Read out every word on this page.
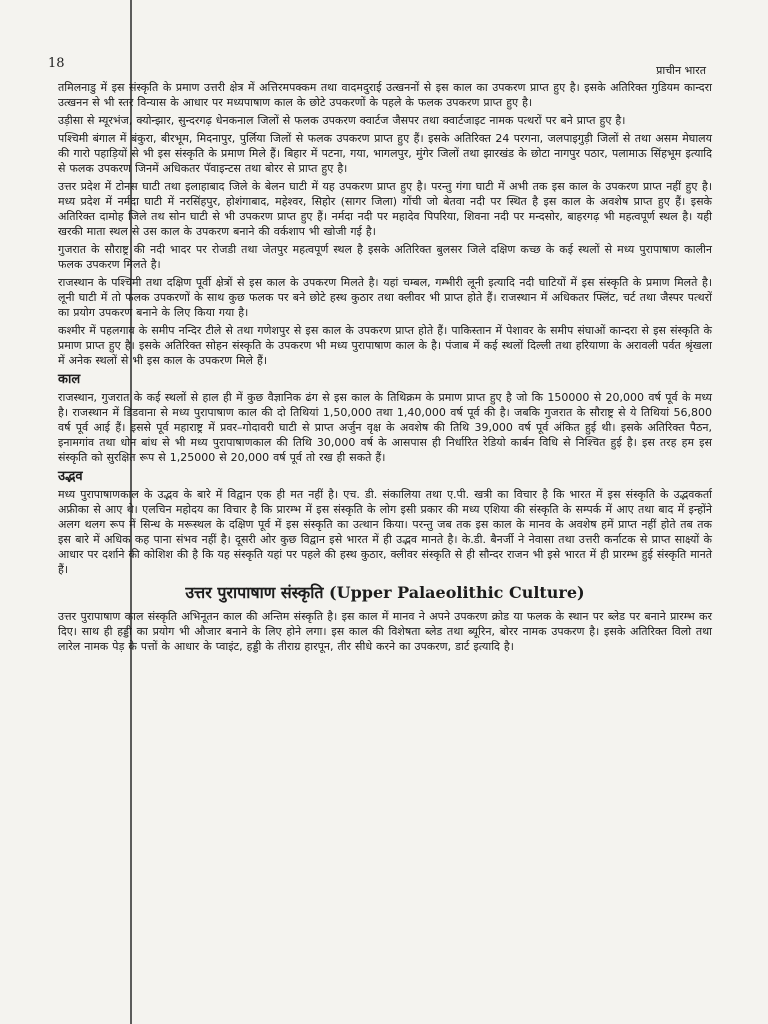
18	प्राचीन भारत

तमिलनाडु में इस संस्कृति के प्रमाण उत्तरी क्षेत्र में अत्तिरमपक्कम तथा वादमदुराई उत्खननों से इस काल का उपकरण प्राप्त हुए है। इसके अतिरिक्त गुडियम कान्दरा उत्खनन से भी स्तर विन्यास के आधार पर मध्यपाषाण काल के छोटे उपकरणों के पहले के फलक उपकरण प्राप्त हुए है।

उड़ीसा से म्यूरभंज, क्योन्झार, सुन्दरगढ़ धेनकनाल जिलों से फलक उपकरण क्वार्टज जैसपर तथा क्वार्टजाइट नामक पत्थरों पर बने प्राप्त हुए है।

पश्चिमी बंगाल में बंकुरा, बीरभूम, मिदनापुर, पुर्लिया जिलों से फलक उपकरण प्राप्त हुए हैं। इसके अतिरिक्त 24 परगना, जलपाइगुड़ी जिलों से तथा असम मेघालय की गारो पहाड़ियों से भी इस संस्कृति के प्रमाण मिले हैं। बिहार में पटना, गया, भागलपुर, मुंगेर जिलों तथा झारखंड के छोटा नागपुर पठार, पलामाऊ सिंहभूम इत्यादि से फलक उपकरण जिनमें अधिकतर पॅवाइन्टस तथा बोरर से प्राप्त हुए है।

उत्तर प्रदेश में टोनस घाटी तथा इलाहाबाद जिले के बेलन घाटी में यह उपकरण प्राप्त हुए है। परन्तु गंगा घाटी में अभी तक इस काल के उपकरण प्राप्त नहीं हुए है। मध्य प्रदेश में नर्मदा घाटी में नरसिंहपुर, होशंगाबाद, महेश्वर, सिहोर (सागर जिला) गोंची जो बेतवा नदी पर स्थित है इस काल के अवशेष प्राप्त हुए हैं। इसके अतिरिक्त दामोह जिले तथ सोन घाटी से भी उपकरण प्राप्त हुए हैं। नर्मदा नदी पर महादेव पिपरिया, शिवना नदी पर मन्दसोर, बाहरगढ़ भी महत्वपूर्ण स्थल है। यही खरकी माता स्थल से उस काल के उपकरण बनाने की वर्कशाप भी खोजी गई है।

गुजरात के सौराष्ट्र की नदी भादर पर रोजडी तथा जेतपुर महत्वपूर्ण स्थल है इसके अतिरिक्त बुलसर जिले दक्षिण कच्छ के कई स्थलों से मध्य पुरापाषाण कालीन फलक उपकरण मिलते है।

राजस्थान के पश्चिमी तथा दक्षिण पूर्वी क्षेत्रों से इस काल के उपकरण मिलते है। यहां चम्बल, गम्भीरी लूनी इत्यादि नदी घाटियों में इस संस्कृति के प्रमाण मिलते है। लूनी घाटी में तो फलक उपकरणों के साथ कुछ फलक पर बने छोटे हस्थ कुठार तथा क्लीवर भी प्राप्त होते हैं। राजस्थान में अधिकतर फ्लिंट, चर्ट तथा जैस्पर पत्थरों का प्रयोग उपकरण बनाने के लिए किया गया है।

कश्मीर में पहलगाव के समीप नन्दिर टीले से तथा गणेशपुर से इस काल के उपकरण प्राप्त होते हैं। पाकिस्तान में पेशावर के समीप संघाओं कान्दरा से इस संस्कृति के प्रमाण प्राप्त हुए है। इसके अतिरिक्त सोहन संस्कृति के उपकरण भी मध्य पुरापाषाण काल के है। पंजाब में कई स्थलों दिल्ली तथा हरियाणा के अरावली पर्वत श्रृंखला में अनेक स्थलों से भी इस काल के उपकरण मिले हैं।

काल

राजस्थान, गुजरात के कई स्थलों से हाल ही में कुछ वैज्ञानिक ढंग से इस काल के तिथिक्रम के प्रमाण प्राप्त हुए है जो कि 150000 से 20,000 वर्ष पूर्व के मध्य है। राजस्थान में डिडवाना से मध्य पुरापाषाण काल की दो तिथियां 1,50,000 तथा 1,40,000 वर्ष पूर्व की है। जबकि गुजरात के सौराष्ट्र से ये तिथियां 56,800 वर्ष पूर्व आई हैं। इससे पूर्व महाराष्ट्र में प्रवर–गोदावरी घाटी से प्राप्त अर्जुन वृक्ष के अवशेष की तिथि 39,000 वर्ष पूर्व अंकित हुई थी। इसके अतिरिक्त पैठन, इनामगांव तथा धोन बांध से भी मध्य पुरापाषाणकाल की तिथि 30,000 वर्ष के आसपास ही निर्धारित रेडियो कार्बन विधि से निश्चित हुई है। इस तरह हम इस संस्कृति को सुरक्षित रूप से 1,25000 से 20,000 वर्ष पूर्व तो रख ही सकते हैं।

उद्भव

मध्य पुरापाषाणकाल के उद्भव के बारे में विद्वान एक ही मत नहीं है। एच. डी. संकालिया तथा ए.पी. खत्री का विचार है कि भारत में इस संस्कृति के उद्भवकर्ता अफ्रीका से आए थे। एलचिन महोदय का विचार है कि प्रारम्भ में इस संस्कृति के लोग इसी प्रकार की मध्य एशिया की संस्कृति के सम्पर्क में आए तथा बाद में इन्होंने अलग थलग रूप में सिन्ध के मरूस्थल के दक्षिण पूर्व में इस संस्कृति का उत्थान किया। परन्तु जब तक इस काल के मानव के अवशेष हमें प्राप्त नहीं होते तब तक इस बारे में अधिक कह पाना संभव नहीं है। दूसरी ओर कुछ विद्वान इसे भारत में ही उद्भव मानते है। के.डी. बैनर्जी ने नेवासा तथा उत्तरी कर्नाटक से प्राप्त साक्ष्यों के आधार पर दर्शाने की कोशिश की है कि यह संस्कृति यहां पर पहले की हस्थ कुठार, क्लीवर संस्कृति से ही सौन्दर राजन भी इसे भारत में ही प्रारम्भ हुई संस्कृति मानते हैं।

उत्तर पुरापाषाण संस्कृति (Upper Palaeolithic Culture)

उत्तर पुरापाषाण काल संस्कृति अभिनूतन काल की अन्तिम संस्कृति है। इस काल में मानव ने अपने उपकरण क्रोड या फलक के स्थान पर ब्लेड पर बनाने प्रारम्भ कर दिए। साथ ही हड्डी का प्रयोग भी औजार बनाने के लिए होने लगा। इस काल की विशेषता ब्लेड तथा ब्यूरिन, बोरर नामक उपकरण है। इसके अतिरिक्त विलो तथा लारेल नामक पेड़ के पत्तों के आधार के प्वाइंट, हड्डी के तीराग्र हारपून, तीर सीधे करने का उपकरण, डार्ट इत्यादि है।
